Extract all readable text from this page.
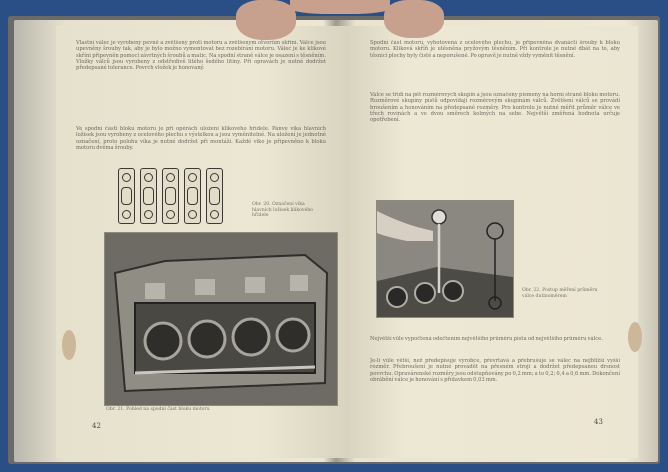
Vlastní válec je vyrobený pevně a zvětšený proti motoru a zvětšeným otvorům skříní. Válce jsou upevněny šrouby tak, aby je bylo možno vymontovat bez rozebírání motoru. Válec je ke klikové skříni připevněn pomocí závrtných šroubů a matic. Na spodní straně válce je osazení s těsněním. Vložky válců jsou vyrobeny z odstředivě litého šedého litiny. Při opravách je nutné dodržet předepsané tolerance. Povrch vložek je honovaný.
Ve spodní části bloku motoru je při opěrách uložení klikového hřídele. Pánve víka hlavních ložisek jsou vyrobeny z ocelového plechu s výstelkou a jsou vyměnitelné. Na uložení je jednotné označení, proto polohu víka je nutné dodržet při montáži. Každé víko je připevněno k bloku motoru dvěma šrouby.
Obr. 20. Označení víka hlavních ložisek klikového hřídele
Obr. 21. Pohled na spodní část bloku motoru
42
Spodní část motoru, vyhotovená z ocelového plechu, je připevněna dvanácti šrouby k bloku motoru. Kliková skříň je utěsněna pryžovým těsněním. Při kontrole je nutné dbát na to, aby těsnicí plochy byly čisté a neporušené. Po opravě je nutné vždy vyměnit těsnění.
Válce se třídí na pět rozměrových skupin a jsou označeny písmeny na horní straně bloku motoru. Rozměrové skupiny pístů odpovídají rozměrovým skupinám válců. Zvětšení válců se provádí broušením a honováním na předepsané rozměry. Pro kontrolu je nutné měřit průměr válce ve třech rovinách a ve dvou směrech kolmých na sebe. Největší změřená hodnota určuje opotřebení.
Obr. 22. Postup měření průměru válce dutinoměrem
Největší vůle vypočtená odečtením největšího průměru pístu od největšího průměru válce.
Je-li vůle větší, než předepisuje výrobce, převrtává a přebrušuje se válec na nejbližší vyšší rozměr. Přebroušení je nutné provádět na přesném stroji a dodržet předepsanou drsnost povrchu. Opravárenské rozměry jsou odstupňovány po 0,2 mm; a to 0,2; 0,4 a 0,6 mm. Dokončení obrábění válce je honování s přídavkem 0,03 mm.
43
